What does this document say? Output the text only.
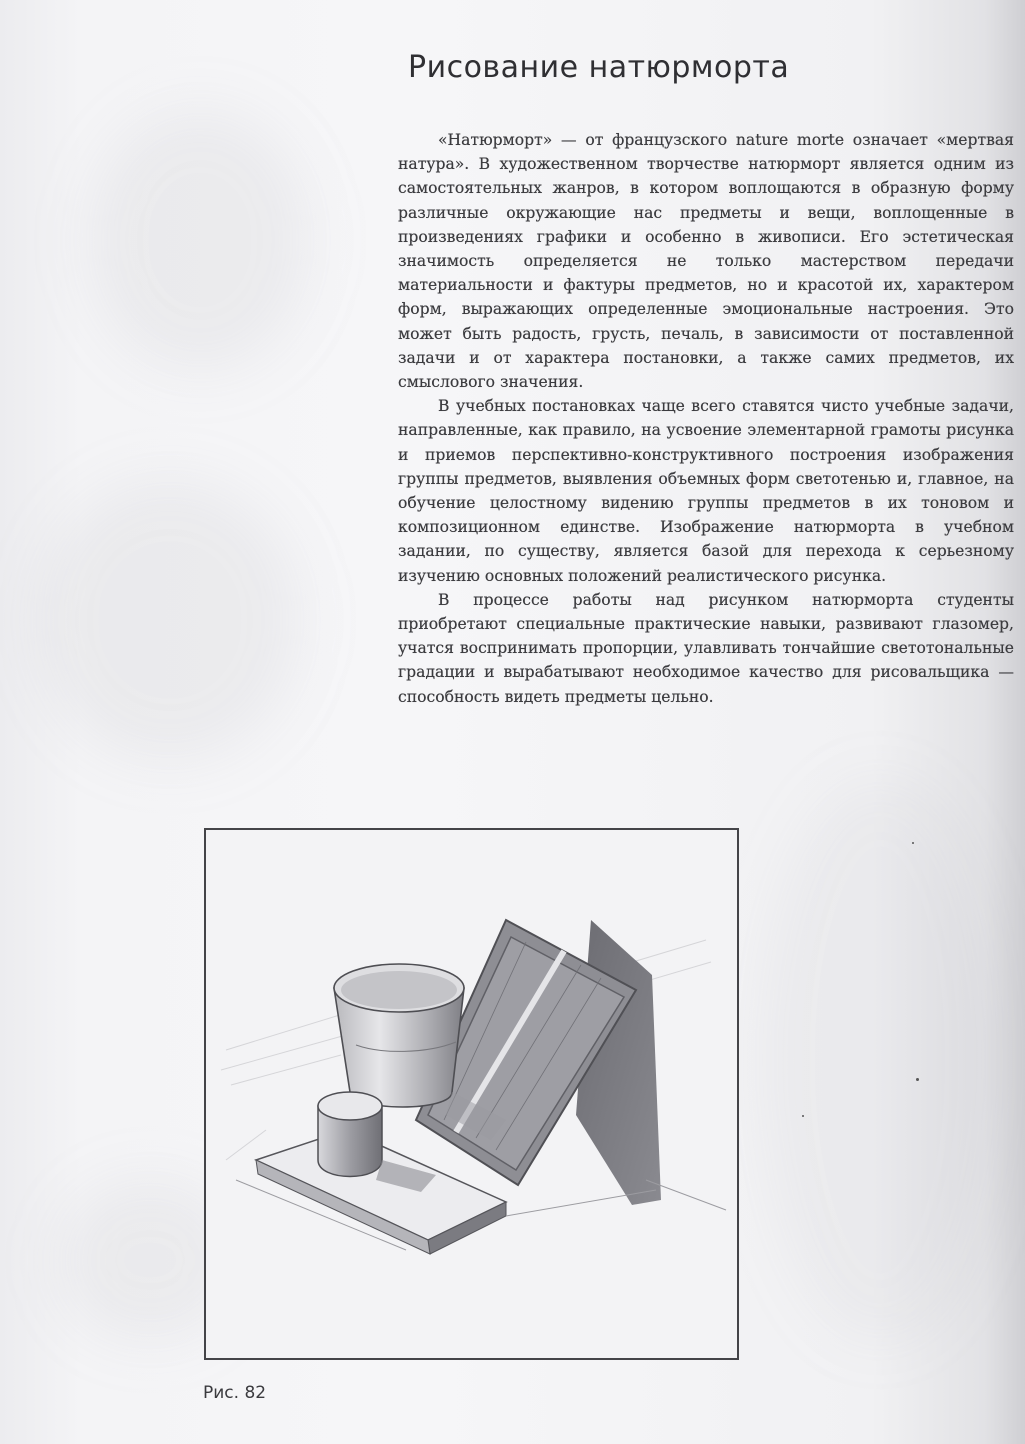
Рисование натюрморта

«Натюрморт» — от французского nature morte означает «мертвая натура». В художественном творчестве натюрморт является одним из самостоятельных жанров, в котором воплощаются в образную форму различные окружающие нас предметы и вещи, воплощенные в произведениях графики и особенно в живописи. Его эстетическая значимость определяется не только мастерством передачи материальности и фактуры предметов, но и красотой их, характером форм, выражающих определенные эмоциональные настроения. Это может быть радость, грусть, печаль, в зависимости от поставленной задачи и от характера постановки, а также самих предметов, их смыслового значения.

В учебных постановках чаще всего ставятся чисто учебные задачи, направленные, как правило, на усвоение элементарной грамоты рисунка и приемов перспективно-конструктивного построения изображения группы предметов, выявления объемных форм светотенью и, главное, на обучение целостному видению группы предметов в их тоновом и композиционном единстве. Изображение натюрморта в учебном задании, по существу, является базой для перехода к серьезному изучению основных положений реалистического рисунка.

В процессе работы над рисунком натюрморта студенты приобретают специальные практические навыки, развивают глазомер, учатся воспринимать пропорции, улавливать тончайшие светотональные градации и вырабатывают необходимое качество для рисовальщика — способность видеть предметы цельно.

Рис. 82
